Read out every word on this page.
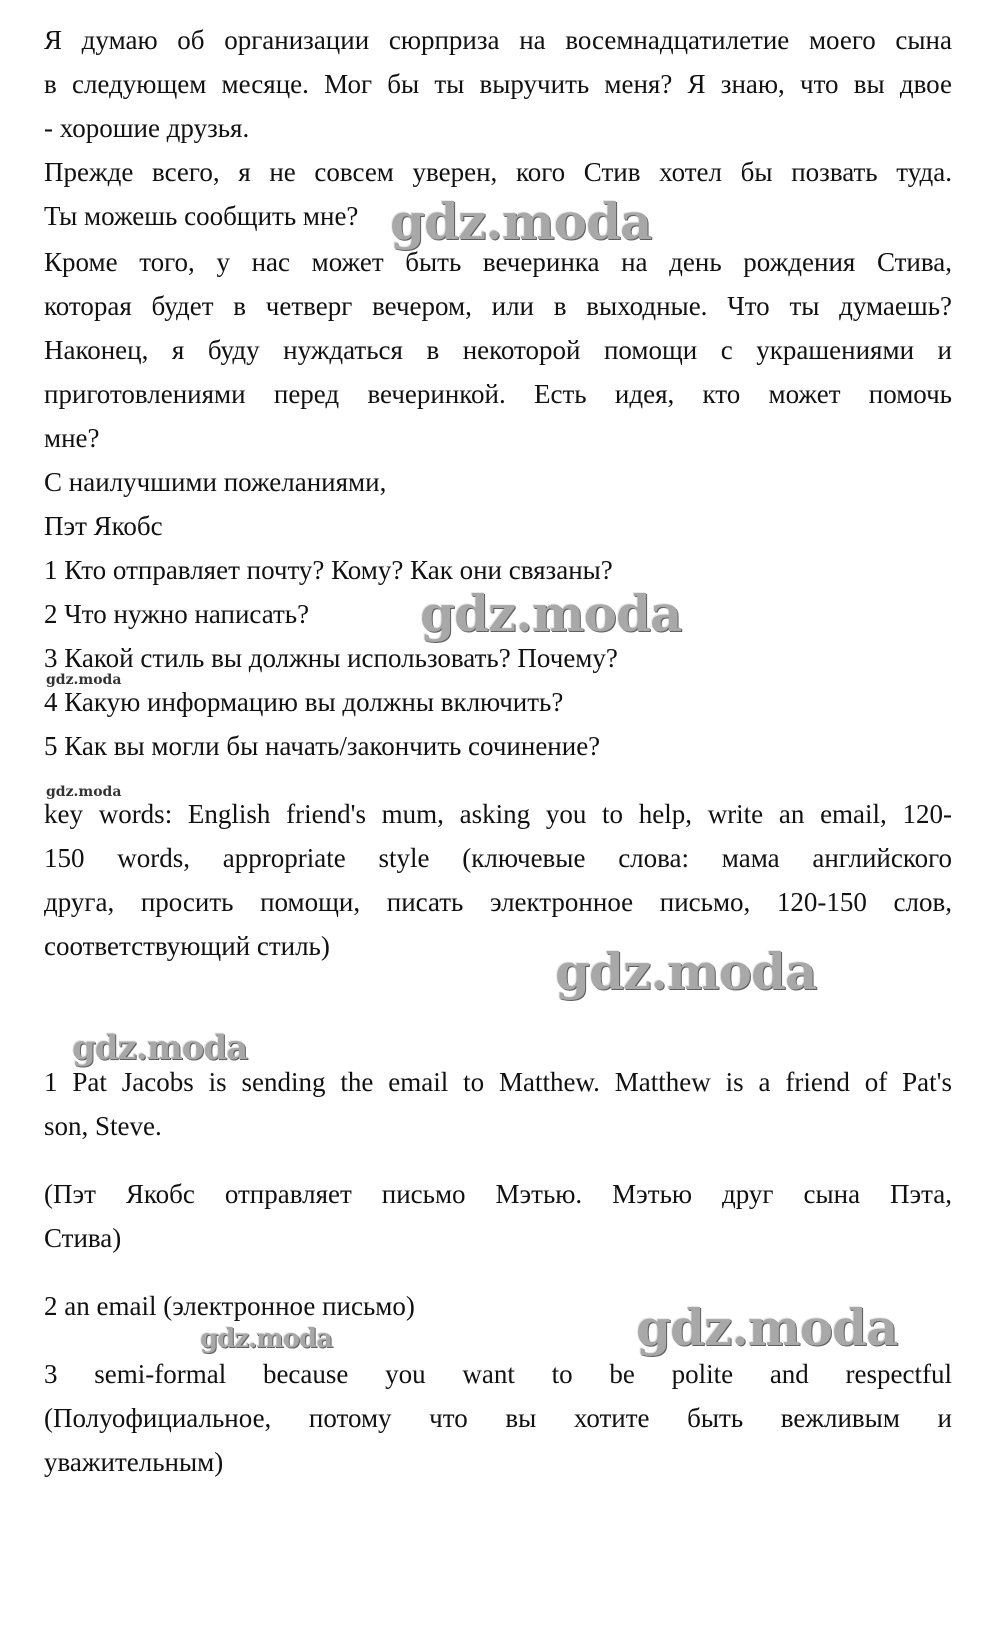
Я думаю об организации сюрприза на восемнадцатилетие моего сына

в следующем месяце. Мог бы ты выручить меня? Я знаю, что вы двое

- хорошие друзья.

Прежде всего, я не совсем уверен, кого Стив хотел бы позвать туда.

Ты можешь сообщить мне?

Кроме того, у нас может быть вечеринка на день рождения Стива,

которая будет в четверг вечером, или в выходные. Что ты думаешь?

Наконец, я буду нуждаться в некоторой помощи с украшениями и

приготовлениями перед вечеринкой. Есть идея, кто может помочь

мне?

С наилучшими пожеланиями,

Пэт Якобс

1 Кто отправляет почту? Кому? Как они связаны?

2 Что нужно написать?

3 Какой стиль вы должны использовать? Почему?

4 Какую информацию вы должны включить?

5 Как вы могли бы начать/закончить сочинение?

key words: English friend's mum, asking you to help, write an email, 120-

150 words, appropriate style (ключевые слова: мама английского

друга, просить помощи, писать электронное письмо, 120-150 слов,

соответствующий стиль)

1 Pat Jacobs is sending the email to Matthew. Matthew is a friend of Pat's

son, Steve.

(Пэт Якобс отправляет письмо Мэтью. Мэтью друг сына Пэта,

Стива)

2 an email (электронное письмо)

3 semi-formal because you want to be polite and respectful

(Полуофициальное, потому что вы хотите быть вежливым и

уважительным)

gdz.moda
gdz.moda
gdz.moda
gdz.moda
gdz.moda
gdz.moda
gdz.moda
gdz.moda
